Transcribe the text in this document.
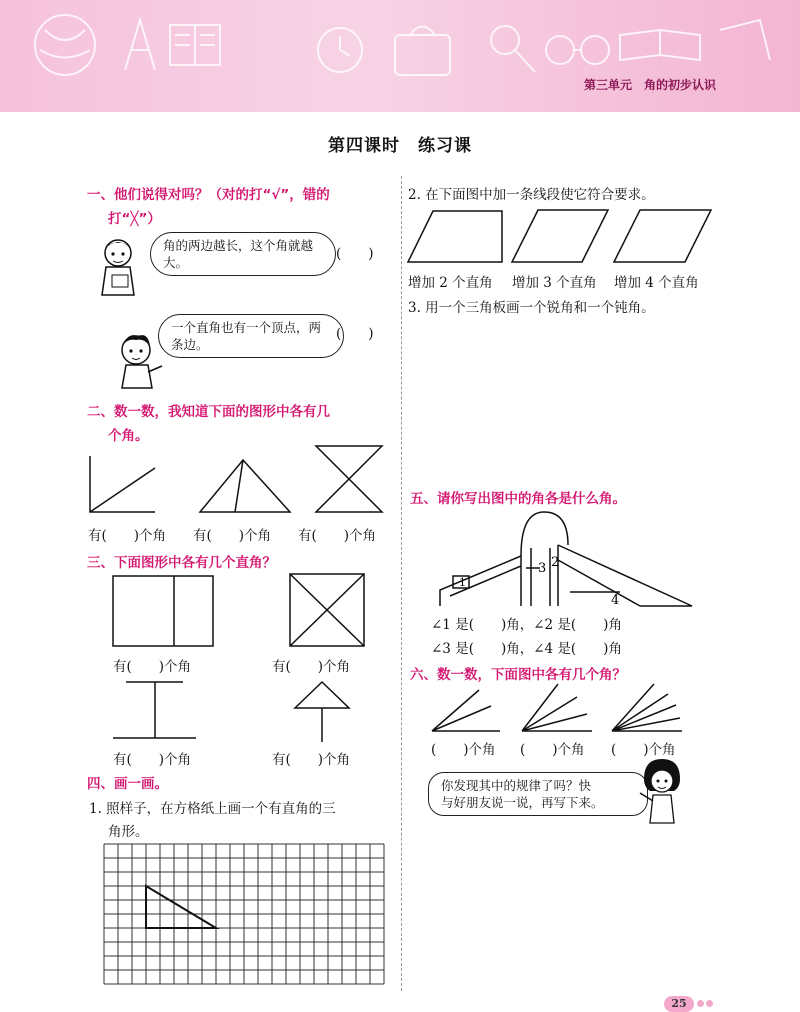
第三单元　角的初步认识
第四课时　练习课
一、他们说得对吗？（对的打“√”，错的
打“╳”）
角的两边越长，这个角就越大。
(　　)
一个直角也有一个顶点，两条边。
(　　)
二、数一数，我知道下面的图形中各有几
个角。
有(　　)个角 有(　　)个角 有(　　)个角
三、下面图形中各有几个直角？
有(　　)个角	有(　　)个角
有(　　)个角	有(　　)个角
四、画一画。
1. 照样子，在方格纸上画一个有直角的三
角形。
2. 在下面图中加一条线段使它符合要求。
增加 2 个直角 增加 3 个直角 增加 4 个直角
3. 用一个三角板画一个锐角和一个钝角。
五、请你写出图中的角各是什么角。
1
2
3
4
∠1 是(　　)角，∠2 是(　　)角
∠3 是(　　)角，∠4 是(　　)角
六、数一数，下面图中各有几个角？
(　　)个角 (　　)个角 (　　)个角
你发现其中的规律了吗？快
与好朋友说一说，再写下来。
25
